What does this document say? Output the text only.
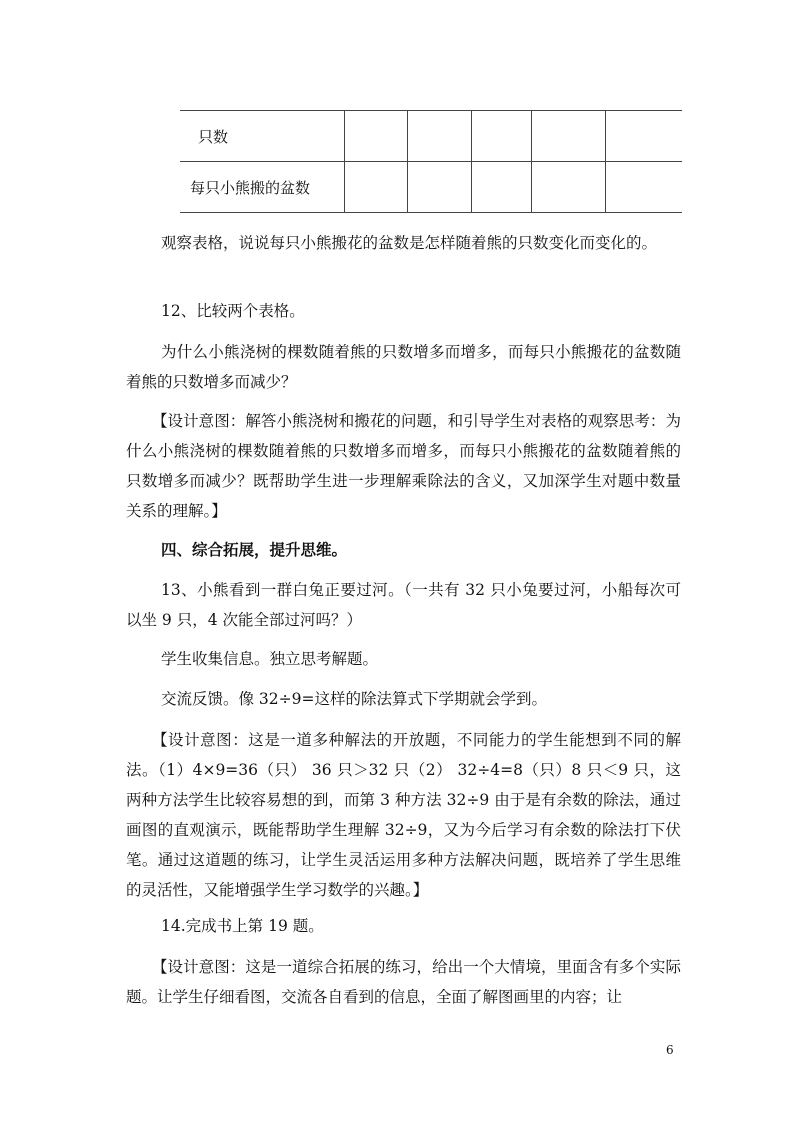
只数					
每只小熊搬的盆数					

观察表格，说说每只小熊搬花的盆数是怎样随着熊的只数变化而变化的。

12、比较两个表格。

为什么小熊浇树的棵数随着熊的只数增多而增多，而每只小熊搬花的盆数随着熊的只数增多而减少？

【设计意图：解答小熊浇树和搬花的问题，和引导学生对表格的观察思考：为什么小熊浇树的棵数随着熊的只数增多而增多，而每只小熊搬花的盆数随着熊的只数增多而减少？既帮助学生进一步理解乘除法的含义，又加深学生对题中数量关系的理解。】

四、综合拓展，提升思维。

13、小熊看到一群白兔正要过河。（一共有 32 只小兔要过河，小船每次可以坐 9 只，4 次能全部过河吗？）

学生收集信息。独立思考解题。

交流反馈。像 32÷9=这样的除法算式下学期就会学到。

【设计意图：这是一道多种解法的开放题，不同能力的学生能想到不同的解法。（1）4×9=36（只） 36 只＞32 只（2） 32÷4=8（只）8 只＜9 只，这两种方法学生比较容易想的到，而第 3 种方法 32÷9 由于是有余数的除法，通过画图的直观演示，既能帮助学生理解 32÷9，又为今后学习有余数的除法打下伏笔。通过这道题的练习，让学生灵活运用多种方法解决问题，既培养了学生思维的灵活性，又能增强学生学习数学的兴趣。】

14.完成书上第 19 题。

【设计意图：这是一道综合拓展的练习，给出一个大情境，里面含有多个实际题。让学生仔细看图，交流各自看到的信息，全面了解图画里的内容；让

6
